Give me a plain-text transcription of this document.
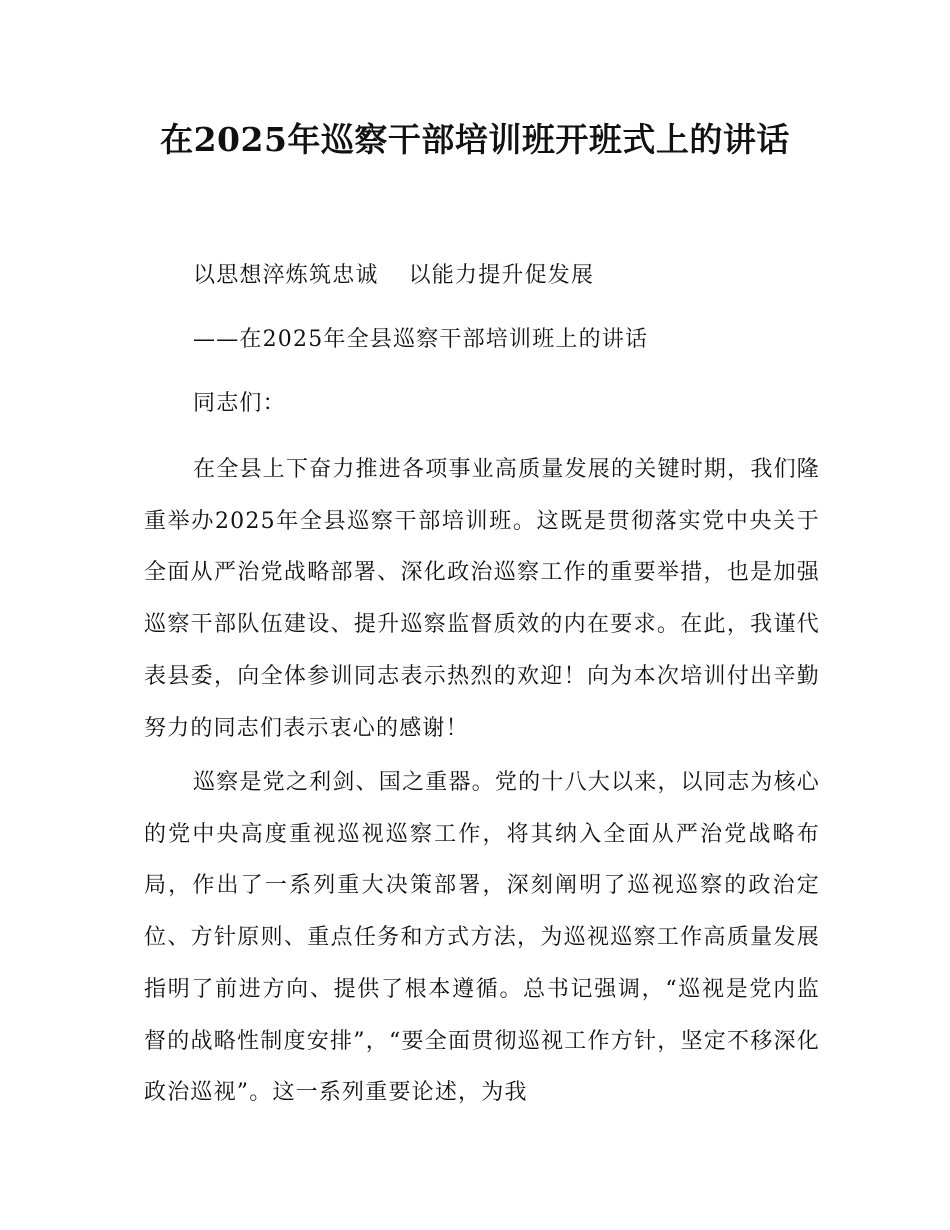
在2025年巡察干部培训班开班式上的讲话

以思想淬炼筑忠诚 以能力提升促发展

——在2025年全县巡察干部培训班上的讲话

同志们：

在全县上下奋力推进各项事业高质量发展的关键时期，我们隆重举办2025年全县巡察干部培训班。这既是贯彻落实党中央关于全面从严治党战略部署、深化政治巡察工作的重要举措，也是加强巡察干部队伍建设、提升巡察监督质效的内在要求。在此，我谨代表县委，向全体参训同志表示热烈的欢迎！向为本次培训付出辛勤努力的同志们表示衷心的感谢！

巡察是党之利剑、国之重器。党的十八大以来，以同志为核心的党中央高度重视巡视巡察工作，将其纳入全面从严治党战略布局，作出了一系列重大决策部署，深刻阐明了巡视巡察的政治定位、方针原则、重点任务和方式方法，为巡视巡察工作高质量发展指明了前进方向、提供了根本遵循。总书记强调，“巡视是党内监督的战略性制度安排”，“要全面贯彻巡视工作方针，坚定不移深化政治巡视”。这一系列重要论述，为我
